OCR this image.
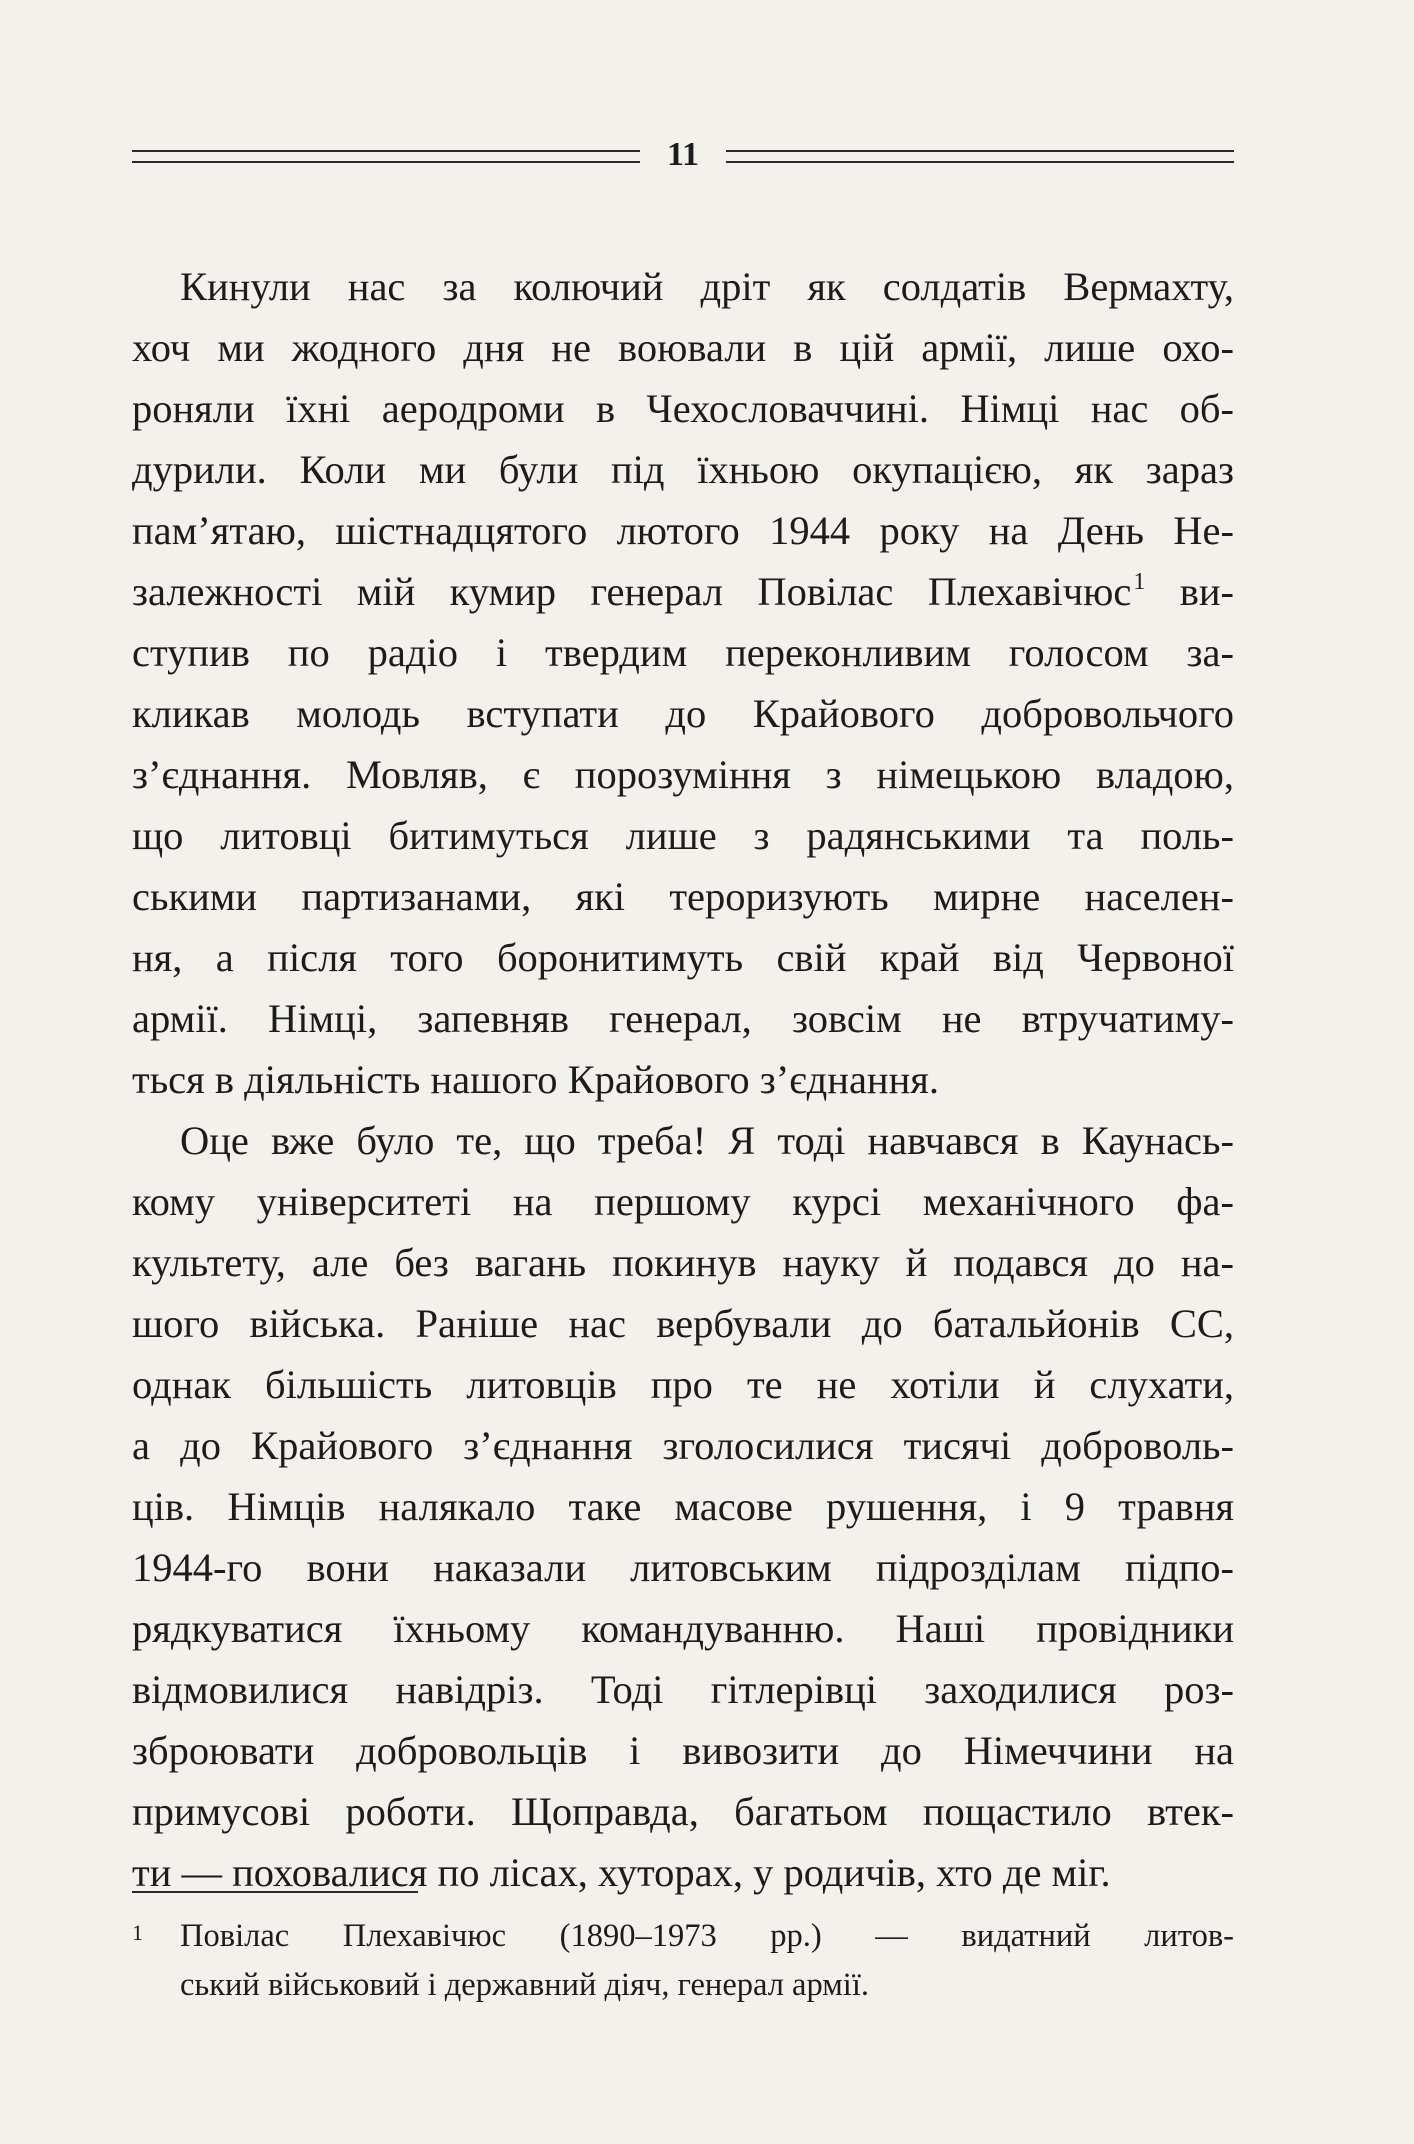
11
Кинули нас за колючий дріт як солдатів Вермахту,
хоч ми жодного дня не воювали в цій армії, лише охо-
роняли їхні аеродроми в Чехословаччині. Німці нас об-
дурили. Коли ми були під їхньою окупацією, як зараз
пам’ятаю, шістнадцятого лютого 1944 року на День Не-
залежності мій кумир генерал Повілас Плехавічюс$^1$ ви-
ступив по радіо і твердим переконливим голосом за-
кликав молодь вступати до Крайового добровольчого
з’єднання. Мовляв, є порозуміння з німецькою владою,
що литовці битимуться лише з радянськими та поль-
ськими партизанами, які тероризують мирне населен-
ня, а після того боронитимуть свій край від Червоної
армії. Німці, запевняв генерал, зовсім не втручатиму-
ться в діяльність нашого Крайового з’єднання.
Оце вже було те, що треба! Я тоді навчався в Каунась-
кому університеті на першому курсі механічного фа-
культету, але без вагань покинув науку й подався до на-
шого війська. Раніше нас вербували до батальйонів СС,
однак більшість литовців про те не хотіли й слухати,
а до Крайового з’єднання зголосилися тисячі доброволь-
ців. Німців налякало таке масове рушення, і 9 травня
1944-го вони наказали литовським підрозділам підпо-
рядкуватися їхньому командуванню. Наші провідники
відмовилися навідріз. Тоді гітлерівці заходилися роз-
зброювати добровольців і вивозити до Німеччини на
примусові роботи. Щоправда, багатьом пощастило втек-
ти — поховалися по лісах, хуторах, у родичів, хто де міг.
1 Повілас Плехавічюс (1890–1973 рр.) — видатний литов-
ський військовий і державний діяч, генерал армії.
